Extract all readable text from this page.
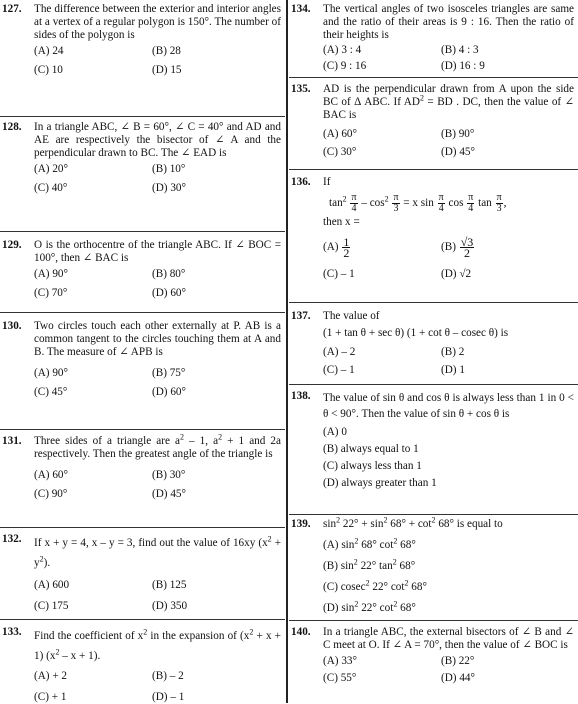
127. The difference between the exterior and interior angles at a vertex of a regular polygon is 150°. The number of sides of the polygon is
(A) 24	(B) 28
(C) 10	(D) 15
128. In a triangle ABC, ∠ B = 60°, ∠ C = 40° and AD and AE are respectively the bisector of ∠ A and the perpendicular drawn to BC. The ∠ EAD is
(A) 20°	(B) 10°
(C) 40°	(D) 30°
129. O is the orthocentre of the triangle ABC. If ∠ BOC = 100°, then ∠ BAC is
(A) 90°	(B) 80°
(C) 70°	(D) 60°
130. Two circles touch each other externally at P. AB is a common tangent to the circles touching them at A and B. The measure of ∠ APB is
(A) 90°	(B) 75°
(C) 45°	(D) 60°
131. Three sides of a triangle are $a^2 - 1$, $a^2 + 1$ and 2a respectively. Then the greatest angle of the triangle is
(A) 60°	(B) 30°
(C) 90°	(D) 45°
132. If x + y = 4, x – y = 3, find out the value of 16xy $(x^2 + y^2)$.
(A) 600	(B) 125
(C) 175	(D) 350
133. Find the coefficient of $x^2$ in the expansion of $(x^2 + x + 1)$ $(x^2 - x + 1)$.
(A) + 2	(B) – 2
(C) + 1	(D) – 1
134. The vertical angles of two isosceles triangles are same and the ratio of their areas is 9 : 16. Then the ratio of their heights is
(A) 3 : 4	(B) 4 : 3
(C) 9 : 16	(D) 16 : 9
135. AD is the perpendicular drawn from A upon the side BC of Δ ABC. If $AD^2$ = BD . DC, then the value of ∠ BAC is
(A) 60°	(B) 90°
(C) 30°	(D) 45°
136. If
$\tan^2 \frac{\pi}{4} - \cos^2 \frac{\pi}{3} = x$ $\sin \frac{\pi}{4}$ $\cos \frac{\pi}{4}$ $\tan \frac{\pi}{3}$ ,
then x =
$(A) \frac{1}{2}$	$(B) \frac{√3}{2}$
(C) – 1	(D) √2
137. The value of
(1 + tan θ + sec θ) (1 + cot θ – cosec θ) is
(A) – 2	(B) 2
(C) – 1	(D) 1
138. The value of sin θ and cos θ is always less than 1 in 0 < θ < 90°. Then the value of sin θ + cos θ is
(A) 0
(B) always equal to 1
(C) always less than 1
(D) always greater than 1
139. $\sin^2 22^\circ + \sin^2 68^\circ + \cot^2 68^\circ$ is equal to
(A) $\sin^2 68^\circ$ $\cot^2 68^\circ$
(B) $\sin^2 22^\circ$ $\tan^2 68^\circ$
(C) cosec$^2$ 22° $\cot^2 68^\circ$
(D) $\sin^2 22^\circ$ $\cot^2 68^\circ$
140. In a triangle ABC, the external bisectors of ∠ B and ∠ C meet at O. If ∠ A = 70°, then the value of ∠ BOC is
(A) 33°	(B) 22°
(C) 55°	(D) 44°
